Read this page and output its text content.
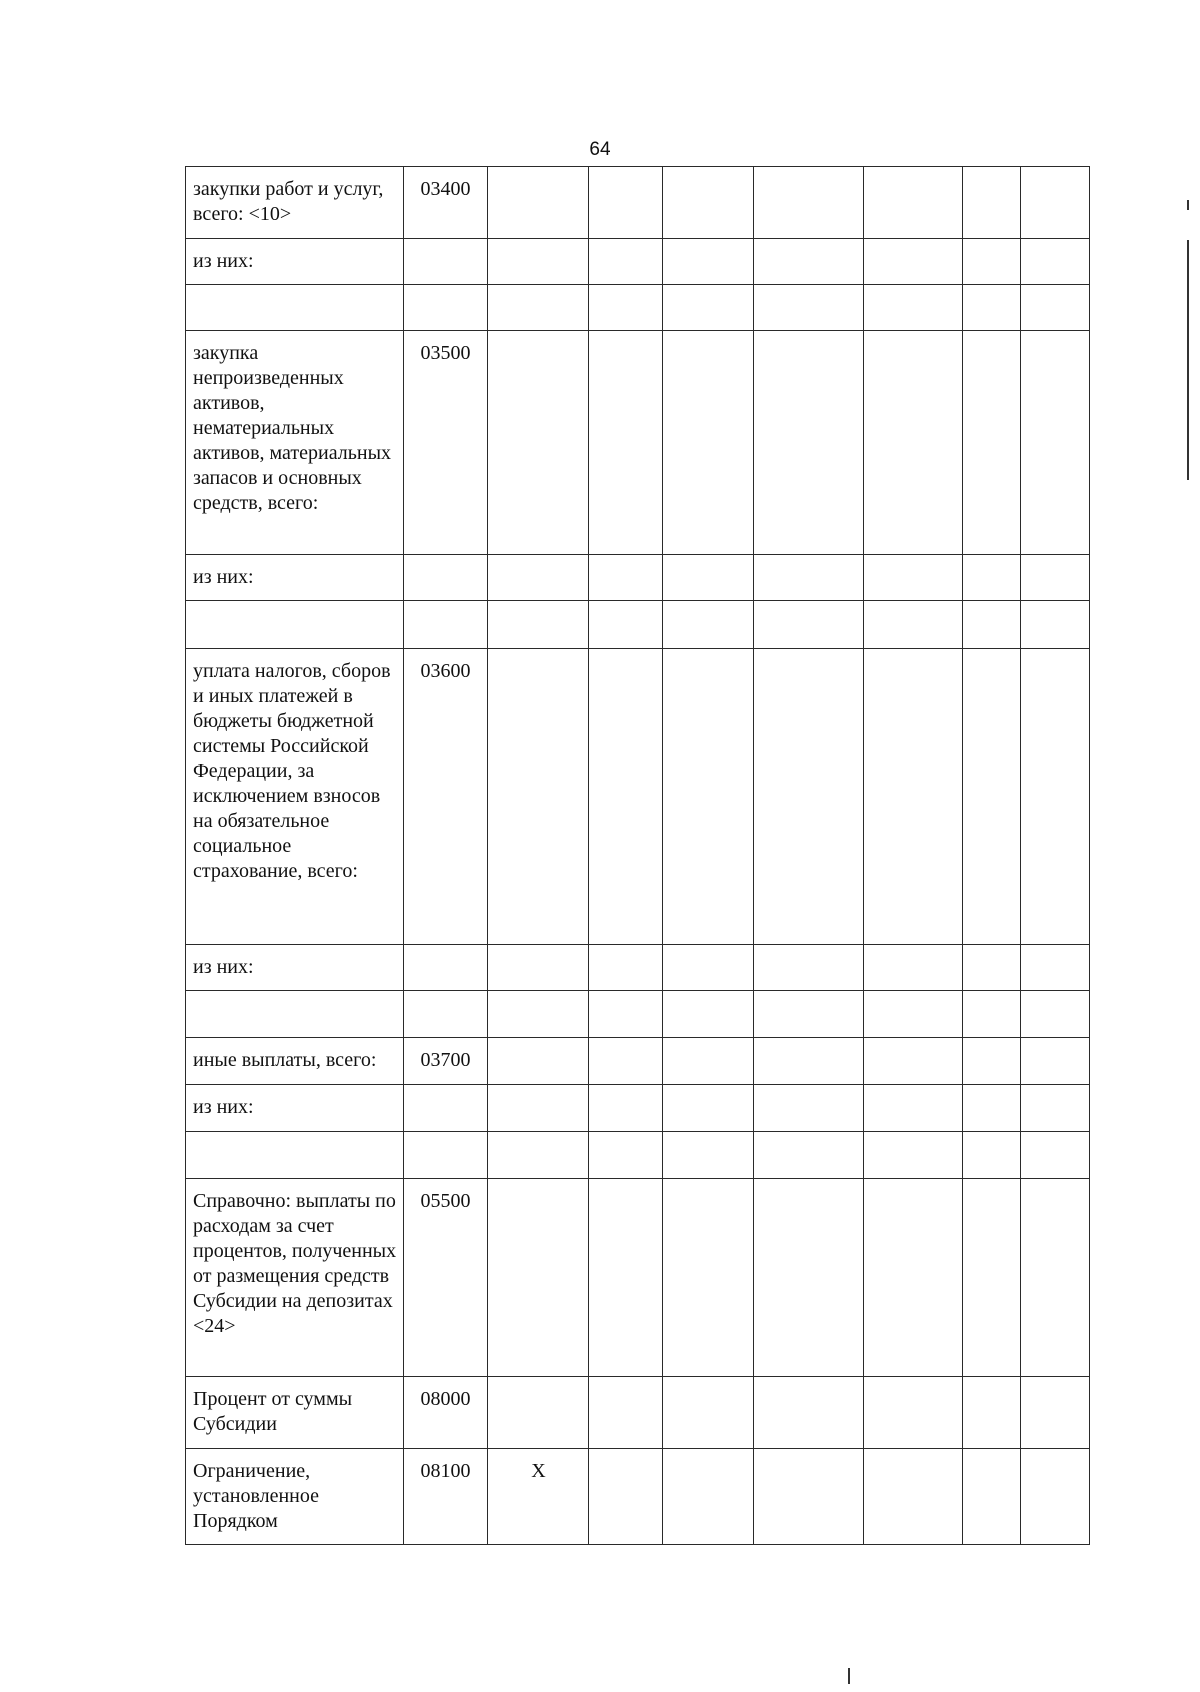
64
закупки работ и услуг, всего: <10>	03400								
из них:									

закупка непроизведенных активов, нематериальных активов, материальных запасов и основных средств, всего:	03500								
из них:									

уплата налогов, сборов и иных платежей в бюджеты бюджетной системы Российской Федерации, за исключением взносов на обязательное социальное страхование, всего:	03600								
из них:									

иные выплаты, всего:	03700								
из них:									

Справочно: выплаты по расходам за счет процентов, полученных от размещения средств Субсидии на депозитах <24>	05500								
Процент от суммы Субсидии	08000								
Ограничение, установленное Порядком	08100	X							
